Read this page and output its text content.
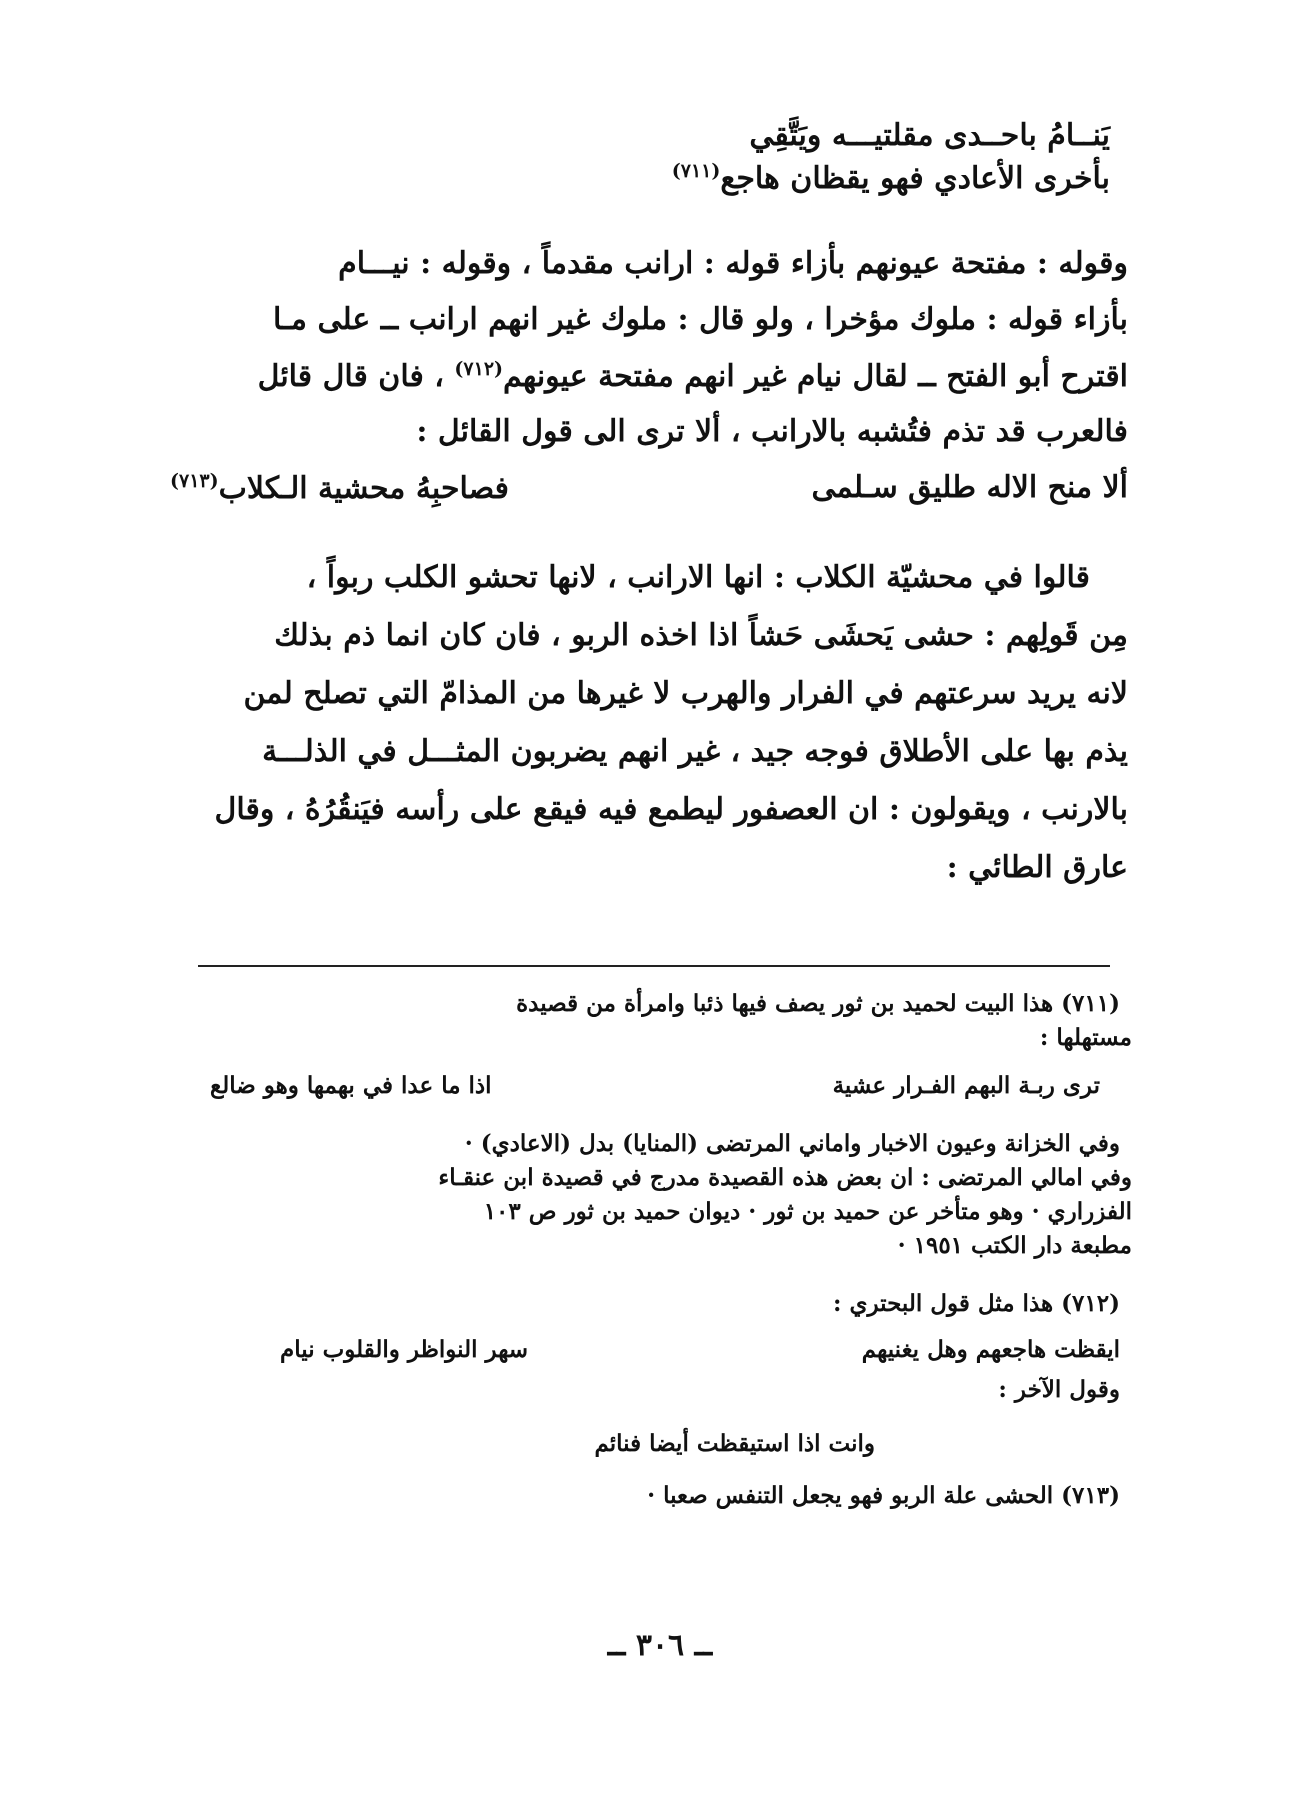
يَنــامُ باحــدى مقلتيـــه ويَتَّقِي
بأخرى الأعادي فهو يقظان هاجع$^{(٧١١)}$
وقوله : مفتحة عيونهم بأزاء قوله : ارانب مقدماً ، وقوله : نيـــام
بأزاء قوله : ملوك مؤخرا ، ولو قال : ملوك غير انهم ارانب ــ على مـا
اقترح أبو الفتح ــ لقال نيام غير انهم مفتحة عيونهم$^{(٧١٢)}$ ، فان قال قائل
فالعرب قد تذم فتُشبه بالارانب ، ألا ترى الى قول القائل :
ألا منح الاله طليق سـلمى
فصاحبِهُ محشية الـكلاب$^{(٧١٣)}$
قالوا في محشيّة الكلاب : انها الارانب ، لانها تحشو الكلب ربواً ،
مِن قَولِهم : حشى يَحشَى حَشاً اذا اخذه الربو ، فان كان انما ذم بذلك
لانه يريد سرعتهم في الفرار والهرب لا غيرها من المذامّ التي تصلح لمن
يذم بها على الأطلاق فوجه جيد ، غير انهم يضربون المثـــل في الذلـــة
بالارنب ، ويقولون : ان العصفور ليطمع فيه فيقع على رأسه فيَنقُرُهُ ، وقال
عارق الطائي :
(٧١١) هذا البيت لحميد بن ثور يصف فيها ذئبا وامرأة من قصيدة
مستهلها :
ترى ربـة البهم الفـرار عشية
اذا ما عدا في بهمها وهو ضالع
وفي الخزانة وعيون الاخبار واماني المرتضى (المنايا) بدل (الاعادي) ·
وفي امالي المرتضى : ان بعض هذه القصيدة مدرج في قصيدة ابن عنقـاء
الفزراري · وهو متأخر عن حميد بن ثور · ديوان حميد بن ثور ص ١٠٣
مطبعة دار الكتب ١٩٥١ ·
(٧١٢) هذا مثل قول البحتري :
ايقظت هاجعهم وهل يغنيهم
سهر النواظر والقلوب نيام
وقول الآخر :
وانت اذا استيقظت أيضا فنائم
(٧١٣) الحشى علة الربو فهو يجعل التنفس صعبا ·
ــ ٣٠٦ ــ
